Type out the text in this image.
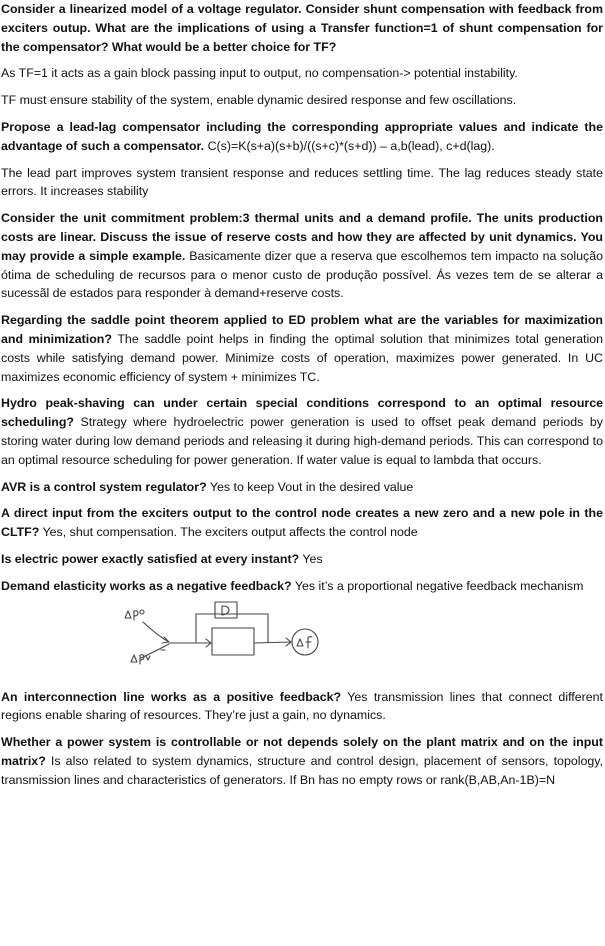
Consider a linearized model of a voltage regulator. Consider shunt compensation with feedback from exciters outup. What are the implications of using a Transfer function=1 of shunt compensation for the compensator? What would be a better choice for TF?

As TF=1 it acts as a gain block passing input to output, no compensation-> potential instability.

TF must ensure stability of the system, enable dynamic desired response and few oscillations.

Propose a lead-lag compensator including the corresponding appropriate values and indicate the advantage of such a compensator. C(s)=K(s+a)(s+b)/((s+c)*(s+d)) – a,b(lead), c+d(lag).

The lead part improves system transient response and reduces settling time. The lag reduces steady state errors. It increases stability

Consider the unit commitment problem:3 thermal units and a demand profile. The units production costs are linear. Discuss the issue of reserve costs and how they are affected by unit dynamics. You may provide a simple example. Basicamente dizer que a reserva que escolhemos tem impacto na solução ótima de scheduling de recursos para o menor custo de produção possível. Ás vezes tem de se alterar a sucessãl de estados para responder à demand+reserve costs.

Regarding the saddle point theorem applied to ED problem what are the variables for maximization and minimization? The saddle point helps in finding the optimal solution that minimizes total generation costs while satisfying demand power. Minimize costs of operation, maximizes power generated. In UC maximizes economic efficiency of system + minimizes TC.

Hydro peak-shaving can under certain special conditions correspond to an optimal resource scheduling? Strategy where hydroelectric power generation is used to offset peak demand periods by storing water during low demand periods and releasing it during high-demand periods. This can correspond to an optimal resource scheduling for power generation. If water value is equal to lambda that occurs.

AVR is a control system regulator? Yes to keep Vout in the desired value

A direct input from the exciters output to the control node creates a new zero and a new pole in the CLTF? Yes, shut compensation. The exciters output affects the control node

Is electric power exactly satisfied at every instant? Yes

Demand elasticity works as a negative feedback? Yes it’s a proportional negative feedback mechanism

An interconnection line works as a positive feedback? Yes transmission lines that connect different regions enable sharing of resources. They’re just a gain, no dynamics.

Whether a power system is controllable or not depends solely on the plant matrix and on the input matrix? Is also related to system dynamics, structure and control design, placement of sensors, topology, transmission lines and characteristics of generators. If Bn has no empty rows or rank(B,AB,An-1B)=N
